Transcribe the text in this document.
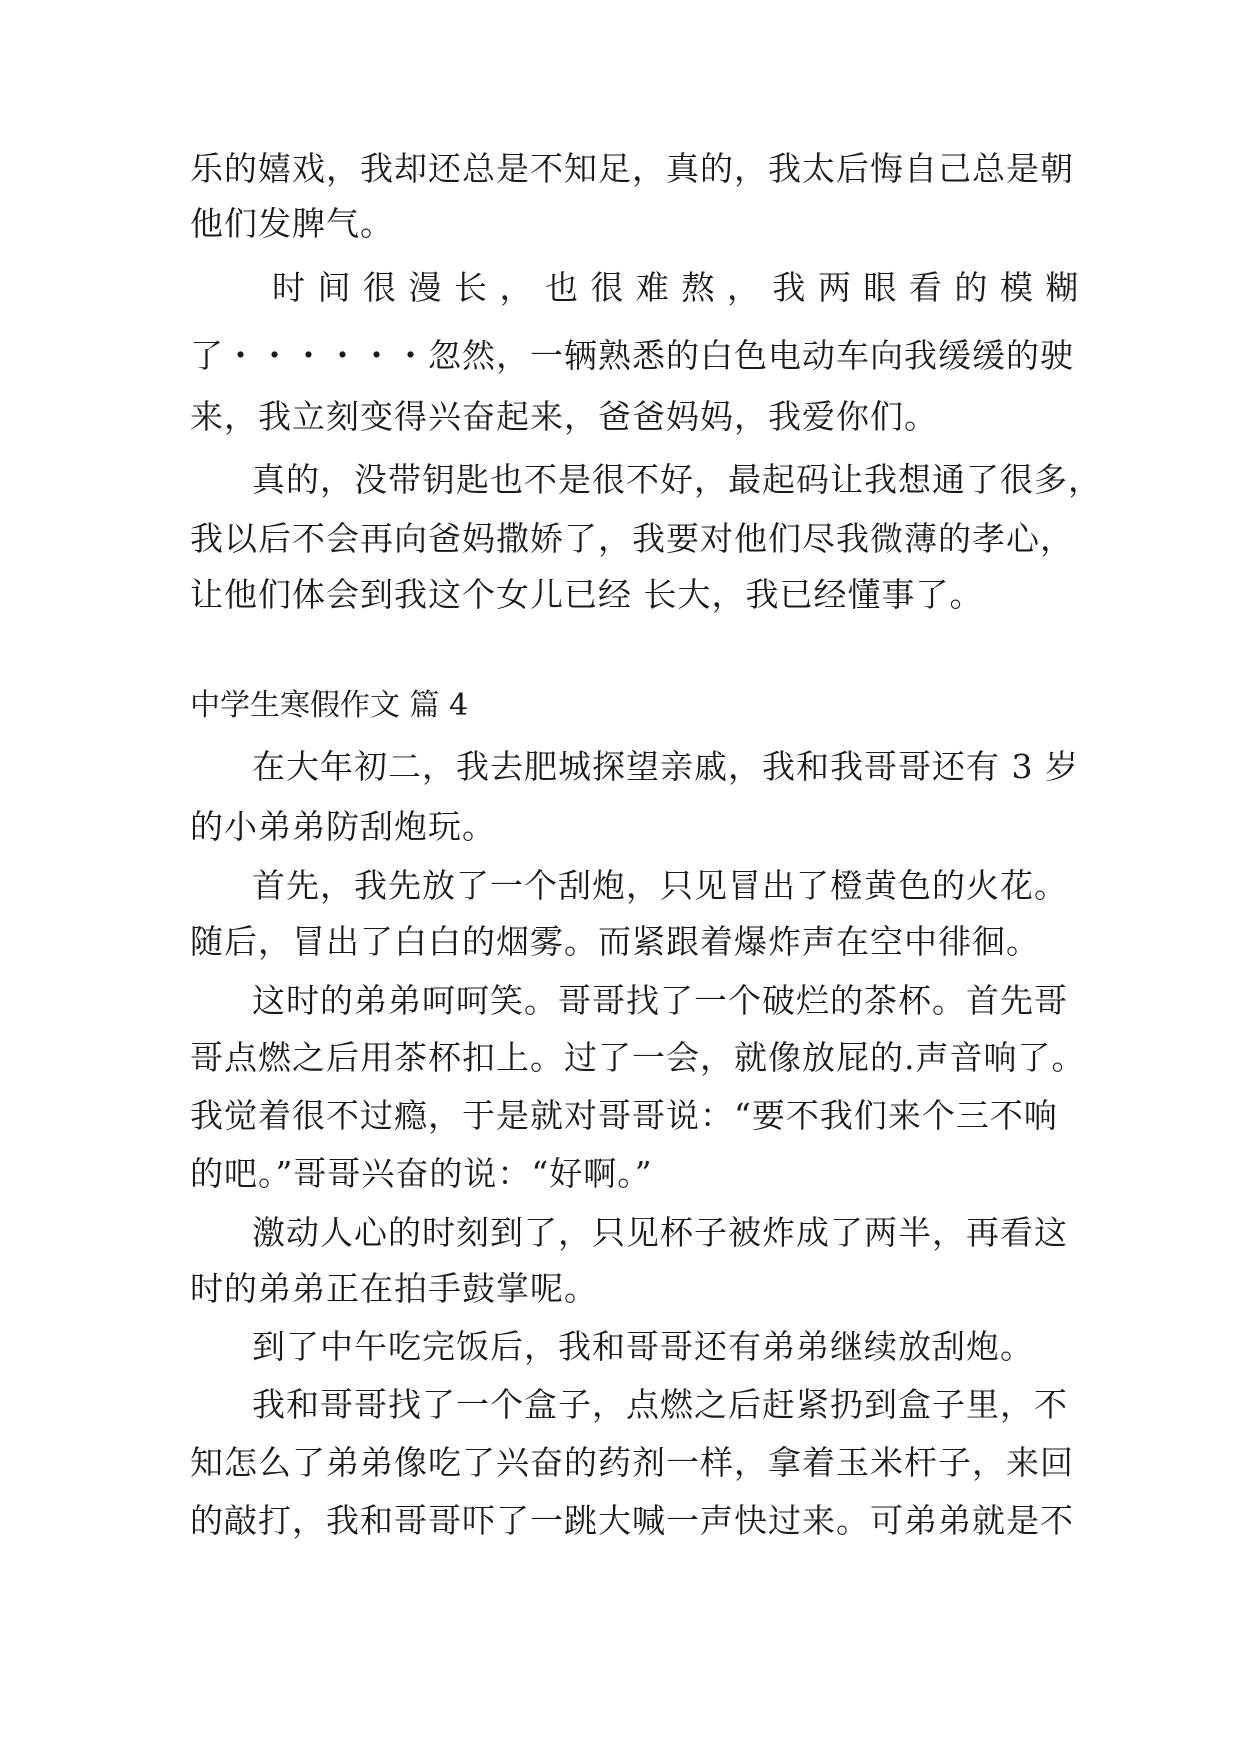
乐的嬉戏，我却还总是不知足，真的，我太后悔自己总是朝
他们发脾气。
时 间 很 漫 长 ， 也 很 难 熬 ， 我 两 眼 看 的 模 糊
了・・・・・・忽然，一辆熟悉的白色电动车向我缓缓的驶
来，我立刻变得兴奋起来，爸爸妈妈，我爱你们。
真的，没带钥匙也不是很不好，最起码让我想通了很多，
我以后不会再向爸妈撒娇了，我要对他们尽我微薄的孝心，
让他们体会到我这个女儿已经 长大，我已经懂事了。
中学生寒假作文 篇 4
在大年初二，我去肥城探望亲戚，我和我哥哥还有 3 岁
的小弟弟防刮炮玩。
首先，我先放了一个刮炮，只见冒出了橙黄色的火花。
随后，冒出了白白的烟雾。而紧跟着爆炸声在空中徘徊。
这时的弟弟呵呵笑。哥哥找了一个破烂的茶杯。首先哥
哥点燃之后用茶杯扣上。过了一会，就像放屁的.声音响了。
我觉着很不过瘾，于是就对哥哥说：“要不我们来个三不响
的吧。”哥哥兴奋的说：“好啊。”
激动人心的时刻到了，只见杯子被炸成了两半，再看这
时的弟弟正在拍手鼓掌呢。
到了中午吃完饭后，我和哥哥还有弟弟继续放刮炮。
我和哥哥找了一个盒子，点燃之后赶紧扔到盒子里，不
知怎么了弟弟像吃了兴奋的药剂一样，拿着玉米杆子，来回
的敲打，我和哥哥吓了一跳大喊一声快过来。可弟弟就是不
